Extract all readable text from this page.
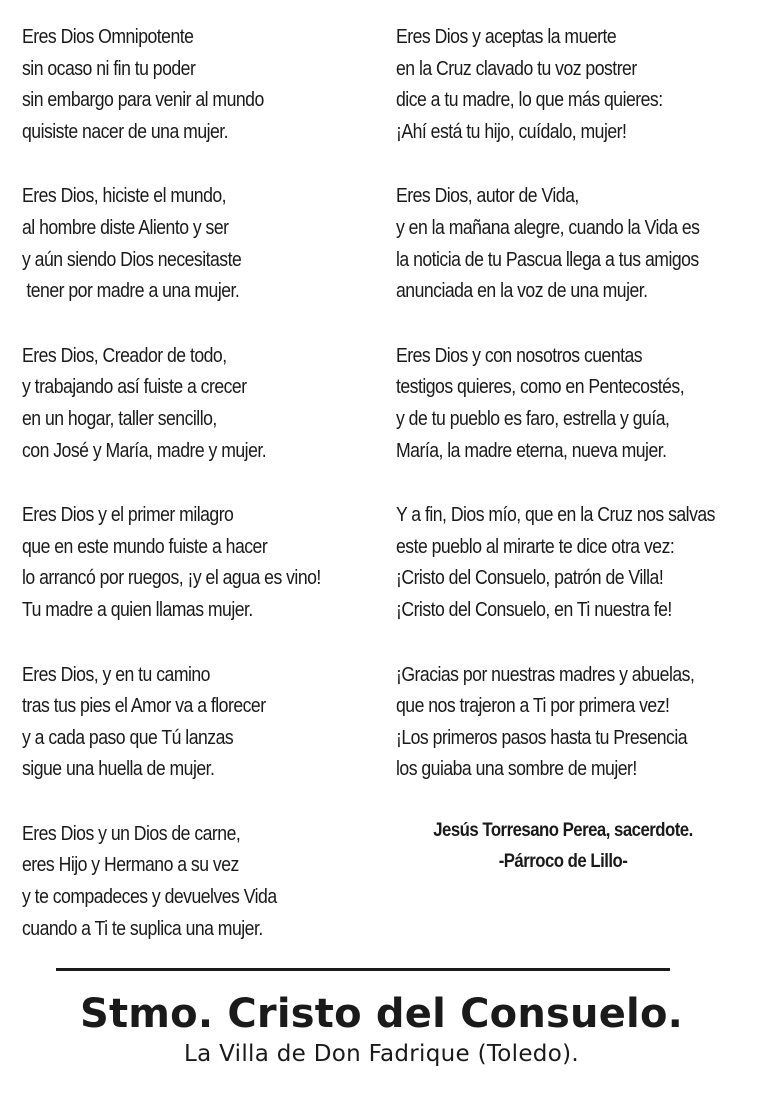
Eres Dios Omnipotente
sin ocaso ni fin tu poder
sin embargo para venir al mundo
quisiste nacer de una mujer.
Eres Dios, hiciste el mundo,
al hombre diste Aliento y ser
y aún siendo Dios necesitaste
tener por madre a una mujer.
Eres Dios, Creador de todo,
y trabajando así fuiste a crecer
en un hogar, taller sencillo,
con José y María, madre y mujer.
Eres Dios y el primer milagro
que en este mundo fuiste a hacer
lo arrancó por ruegos, ¡y el agua es vino!
Tu madre a quien llamas mujer.
Eres Dios, y en tu camino
tras tus pies el Amor va a florecer
y a cada paso que Tú lanzas
sigue una huella de mujer.
Eres Dios y un Dios de carne,
eres Hijo y Hermano a su vez
y te compadeces y devuelves Vida
cuando a Ti te suplica una mujer.
Eres Dios y aceptas la muerte
en la Cruz clavado tu voz postrer
dice a tu madre, lo que más quieres:
¡Ahí está tu hijo, cuídalo, mujer!
Eres Dios, autor de Vida,
y en la mañana alegre, cuando la Vida es
la noticia de tu Pascua llega a tus amigos
anunciada en la voz de una mujer.
Eres Dios y con nosotros cuentas
testigos quieres, como en Pentecostés,
y de tu pueblo es faro, estrella y guía,
María, la madre eterna, nueva mujer.
Y a fin, Dios mío, que en la Cruz nos salvas
este pueblo al mirarte te dice otra vez:
¡Cristo del Consuelo, patrón de Villa!
¡Cristo del Consuelo, en Ti nuestra fe!
¡Gracias por nuestras madres y abuelas,
que nos trajeron a Ti por primera vez!
¡Los primeros pasos hasta tu Presencia
los guiaba una sombre de mujer!
Jesús Torresano Perea, sacerdote.
-Párroco de Lillo-
Stmo. Cristo del Consuelo.
La Villa de Don Fadrique (Toledo).
